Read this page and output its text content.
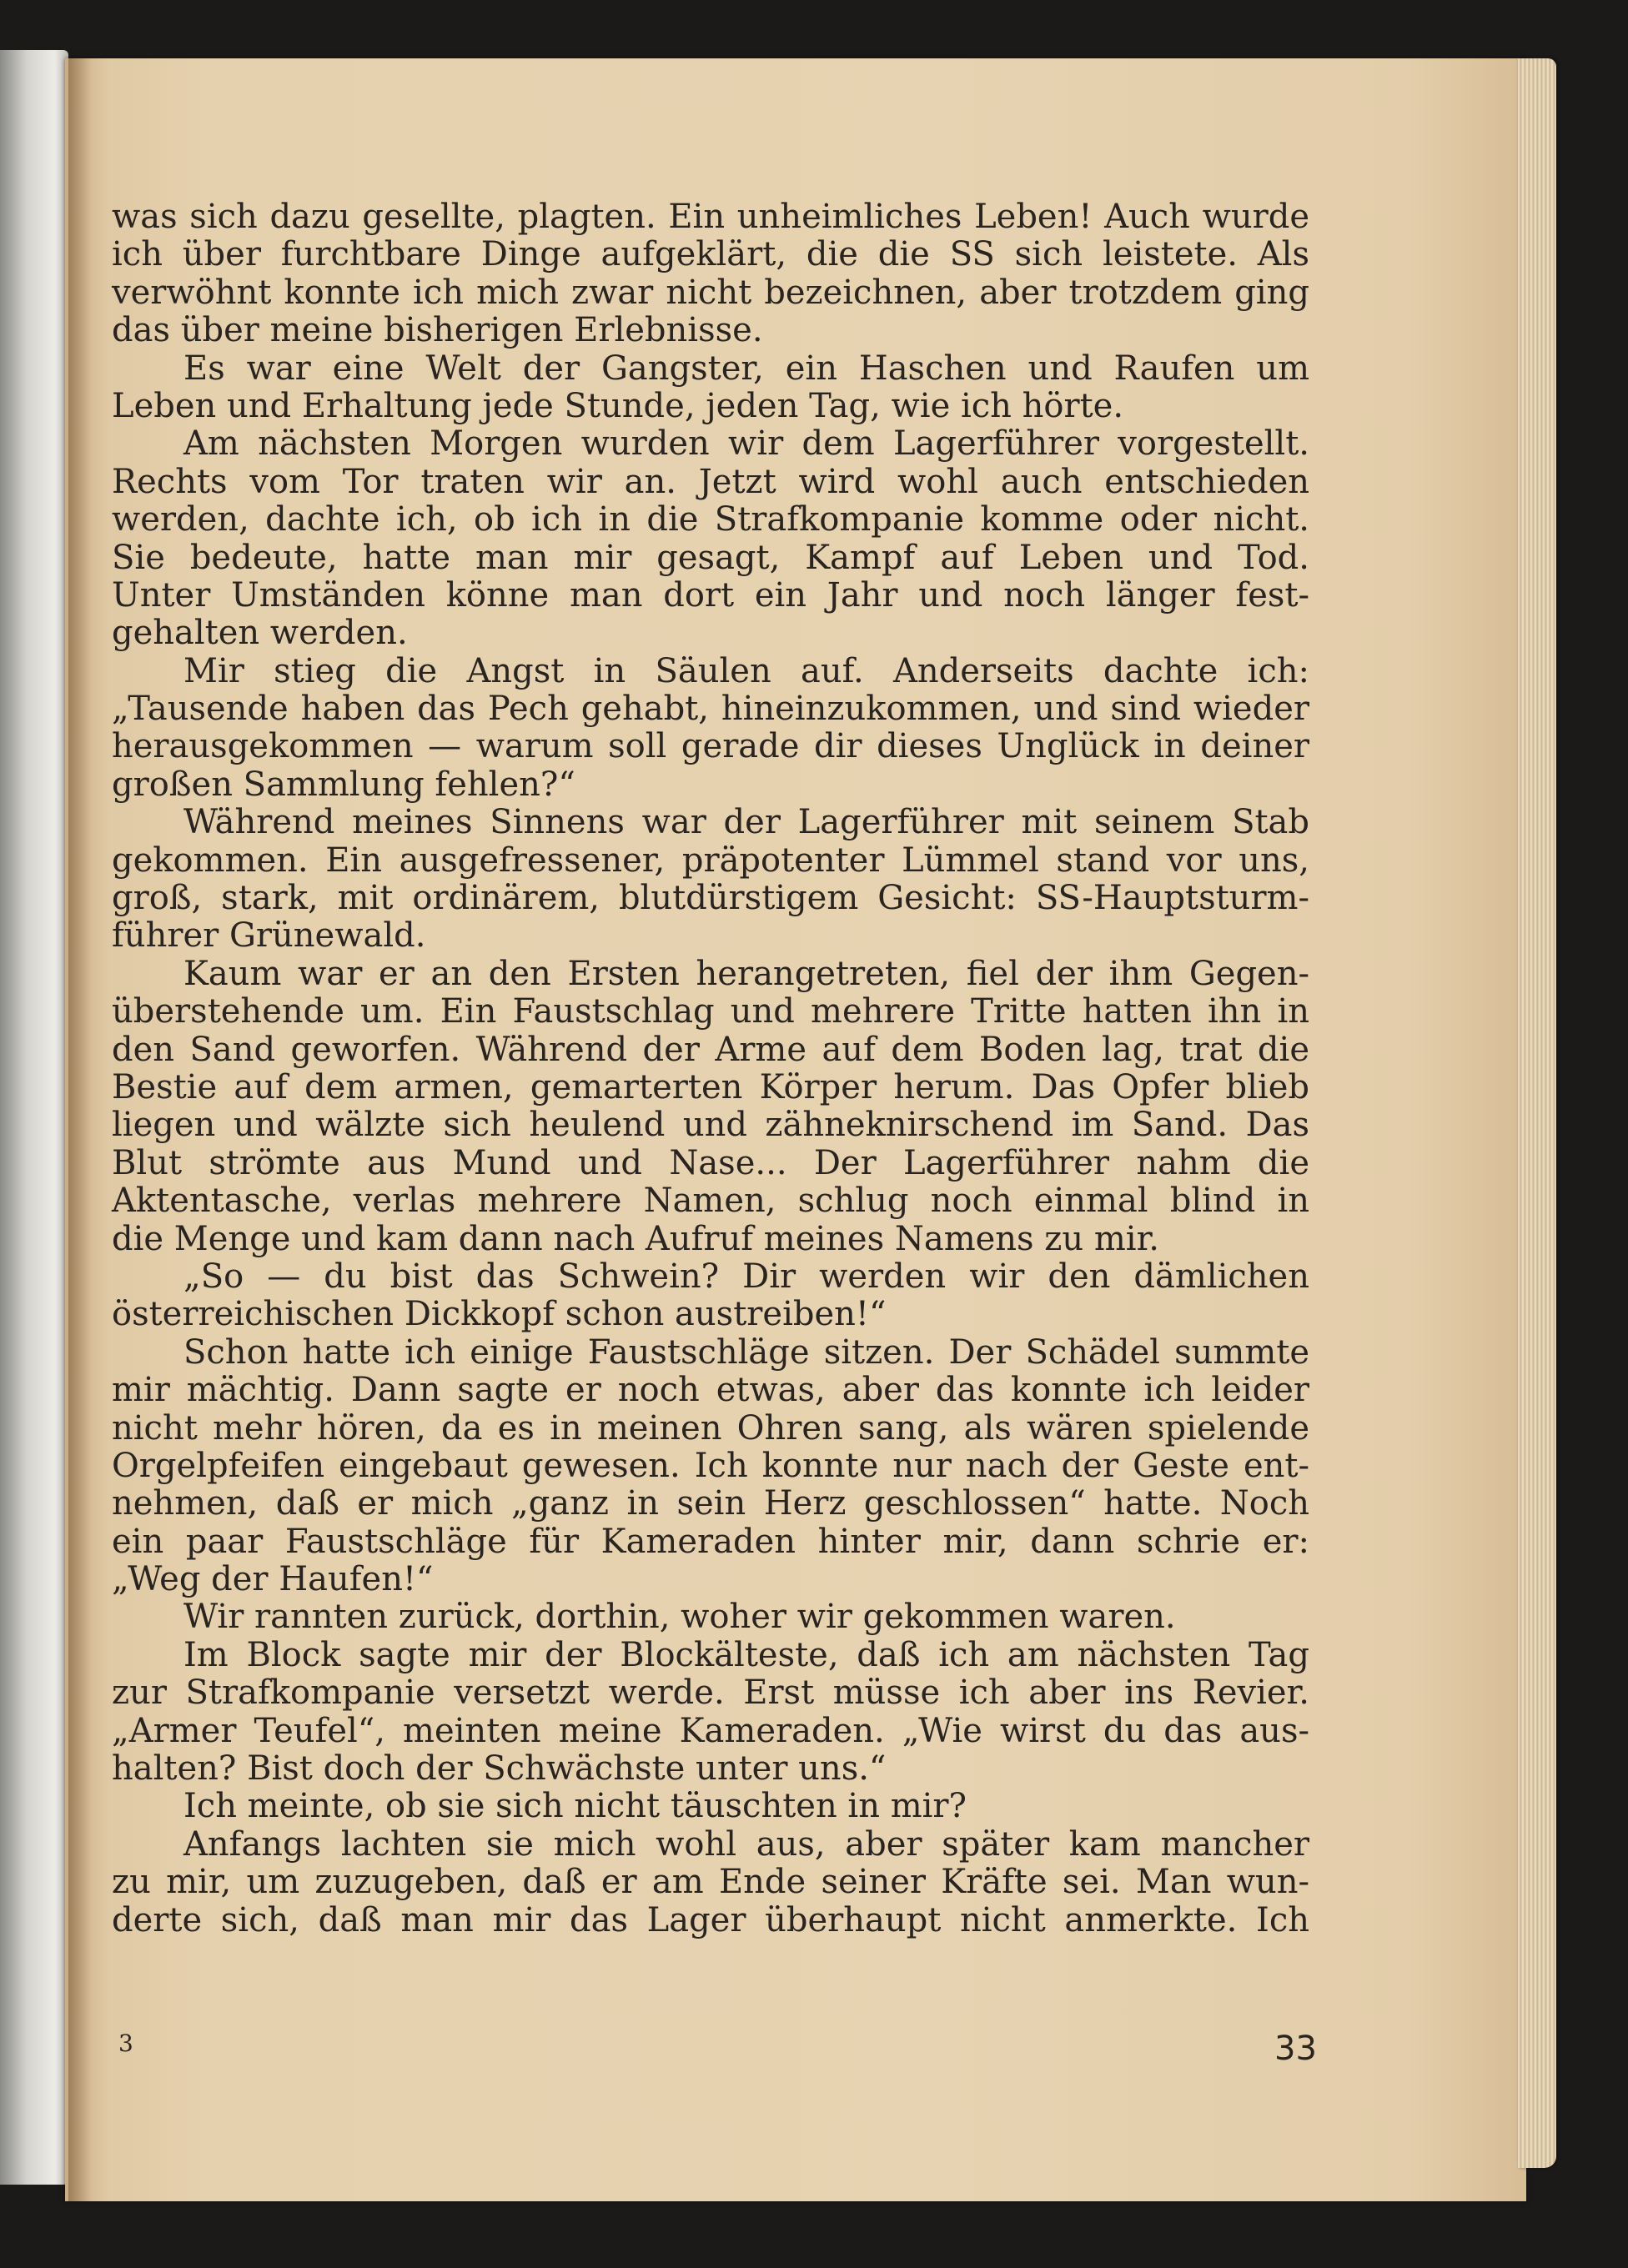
was sich dazu gesellte, plagten. Ein unheimliches Leben! Auch wurde
ich über furchtbare Dinge aufgeklärt, die die SS sich leistete. Als
verwöhnt konnte ich mich zwar nicht bezeichnen, aber trotzdem ging
das über meine bisherigen Erlebnisse.
Es war eine Welt der Gangster, ein Haschen und Raufen um
Leben und Erhaltung jede Stunde, jeden Tag, wie ich hörte.
Am nächsten Morgen wurden wir dem Lagerführer vorgestellt.
Rechts vom Tor traten wir an. Jetzt wird wohl auch entschieden
werden, dachte ich, ob ich in die Strafkompanie komme oder nicht.
Sie bedeute, hatte man mir gesagt, Kampf auf Leben und Tod.
Unter Umständen könne man dort ein Jahr und noch länger fest-
gehalten werden.
Mir stieg die Angst in Säulen auf. Anderseits dachte ich:
„Tausende haben das Pech gehabt, hineinzukommen, und sind wieder
herausgekommen — warum soll gerade dir dieses Unglück in deiner
großen Sammlung fehlen?“
Während meines Sinnens war der Lagerführer mit seinem Stab
gekommen. Ein ausgefressener, präpotenter Lümmel stand vor uns,
groß, stark, mit ordinärem, blutdürstigem Gesicht: SS-Hauptsturm-
führer Grünewald.
Kaum war er an den Ersten herangetreten, fiel der ihm Gegen-
überstehende um. Ein Faustschlag und mehrere Tritte hatten ihn in
den Sand geworfen. Während der Arme auf dem Boden lag, trat die
Bestie auf dem armen, gemarterten Körper herum. Das Opfer blieb
liegen und wälzte sich heulend und zähneknirschend im Sand. Das
Blut strömte aus Mund und Nase... Der Lagerführer nahm die
Aktentasche, verlas mehrere Namen, schlug noch einmal blind in
die Menge und kam dann nach Aufruf meines Namens zu mir.
„So — du bist das Schwein? Dir werden wir den dämlichen
österreichischen Dickkopf schon austreiben!“
Schon hatte ich einige Faustschläge sitzen. Der Schädel summte
mir mächtig. Dann sagte er noch etwas, aber das konnte ich leider
nicht mehr hören, da es in meinen Ohren sang, als wären spielende
Orgelpfeifen eingebaut gewesen. Ich konnte nur nach der Geste ent-
nehmen, daß er mich „ganz in sein Herz geschlossen“ hatte. Noch
ein paar Faustschläge für Kameraden hinter mir, dann schrie er:
„Weg der Haufen!“
Wir rannten zurück, dorthin, woher wir gekommen waren.
Im Block sagte mir der Blockälteste, daß ich am nächsten Tag
zur Strafkompanie versetzt werde. Erst müsse ich aber ins Revier.
„Armer Teufel“, meinten meine Kameraden. „Wie wirst du das aus-
halten? Bist doch der Schwächste unter uns.“
Ich meinte, ob sie sich nicht täuschten in mir?
Anfangs lachten sie mich wohl aus, aber später kam mancher
zu mir, um zuzugeben, daß er am Ende seiner Kräfte sei. Man wun-
derte sich, daß man mir das Lager überhaupt nicht anmerkte. Ich
3	33
